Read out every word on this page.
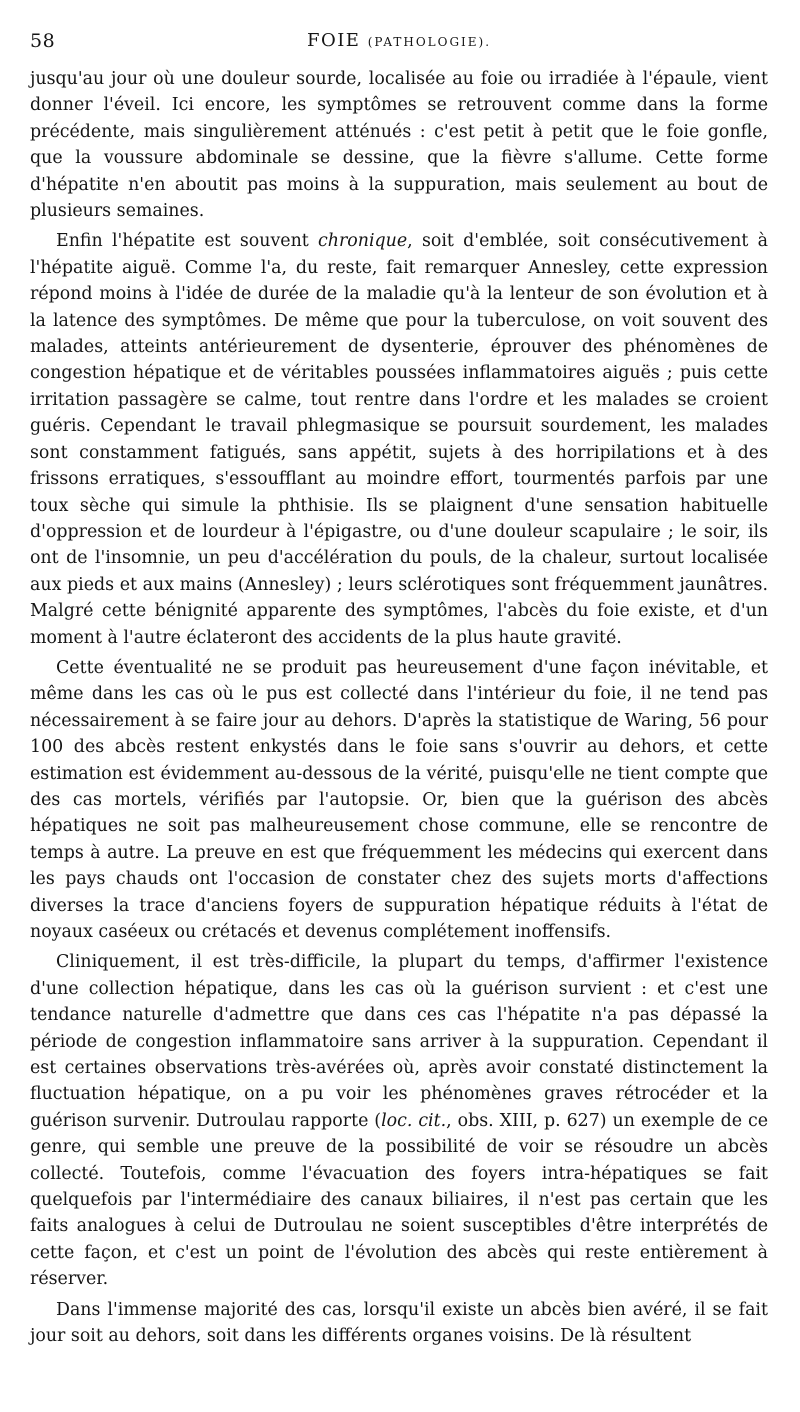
58	FOIE (PATHOLOGIE).

jusqu'au jour où une douleur sourde, localisée au foie ou irradiée à l'épaule, vient donner l'éveil. Ici encore, les symptômes se retrouvent comme dans la forme précédente, mais singulièrement atténués : c'est petit à petit que le foie gonfle, que la voussure abdominale se dessine, que la fièvre s'allume. Cette forme d'hépatite n'en aboutit pas moins à la suppuration, mais seulement au bout de plusieurs semaines.

Enfin l'hépatite est souvent chronique, soit d'emblée, soit consécutivement à l'hépatite aiguë. Comme l'a, du reste, fait remarquer Annesley, cette expression répond moins à l'idée de durée de la maladie qu'à la lenteur de son évolution et à la latence des symptômes. De même que pour la tuberculose, on voit souvent des malades, atteints antérieurement de dysenterie, éprouver des phénomènes de congestion hépatique et de véritables poussées inflammatoires aiguës ; puis cette irritation passagère se calme, tout rentre dans l'ordre et les malades se croient guéris. Cependant le travail phlegmasique se poursuit sourdement, les malades sont constamment fatigués, sans appétit, sujets à des horripilations et à des frissons erratiques, s'essoufflant au moindre effort, tourmentés parfois par une toux sèche qui simule la phthisie. Ils se plaignent d'une sensation habituelle d'oppression et de lourdeur à l'épigastre, ou d'une douleur scapulaire ; le soir, ils ont de l'insomnie, un peu d'accélération du pouls, de la chaleur, surtout localisée aux pieds et aux mains (Annesley) ; leurs sclérotiques sont fréquemment jaunâtres. Malgré cette bénignité apparente des symptômes, l'abcès du foie existe, et d'un moment à l'autre éclateront des accidents de la plus haute gravité.

Cette éventualité ne se produit pas heureusement d'une façon inévitable, et même dans les cas où le pus est collecté dans l'intérieur du foie, il ne tend pas nécessairement à se faire jour au dehors. D'après la statistique de Waring, 56 pour 100 des abcès restent enkystés dans le foie sans s'ouvrir au dehors, et cette estimation est évidemment au-dessous de la vérité, puisqu'elle ne tient compte que des cas mortels, vérifiés par l'autopsie. Or, bien que la guérison des abcès hépatiques ne soit pas malheureusement chose commune, elle se rencontre de temps à autre. La preuve en est que fréquemment les médecins qui exercent dans les pays chauds ont l'occasion de constater chez des sujets morts d'affections diverses la trace d'anciens foyers de suppuration hépatique réduits à l'état de noyaux caséeux ou crétacés et devenus complétement inoffensifs.

Cliniquement, il est très-difficile, la plupart du temps, d'affirmer l'existence d'une collection hépatique, dans les cas où la guérison survient : et c'est une tendance naturelle d'admettre que dans ces cas l'hépatite n'a pas dépassé la période de congestion inflammatoire sans arriver à la suppuration. Cependant il est certaines observations très-avérées où, après avoir constaté distinctement la fluctuation hépatique, on a pu voir les phénomènes graves rétrocéder et la guérison survenir. Dutroulau rapporte (loc. cit., obs. XIII, p. 627) un exemple de ce genre, qui semble une preuve de la possibilité de voir se résoudre un abcès collecté. Toutefois, comme l'évacuation des foyers intra-hépatiques se fait quelquefois par l'intermédiaire des canaux biliaires, il n'est pas certain que les faits analogues à celui de Dutroulau ne soient susceptibles d'être interprétés de cette façon, et c'est un point de l'évolution des abcès qui reste entièrement à réserver.

Dans l'immense majorité des cas, lorsqu'il existe un abcès bien avéré, il se fait jour soit au dehors, soit dans les différents organes voisins. De là résultent
